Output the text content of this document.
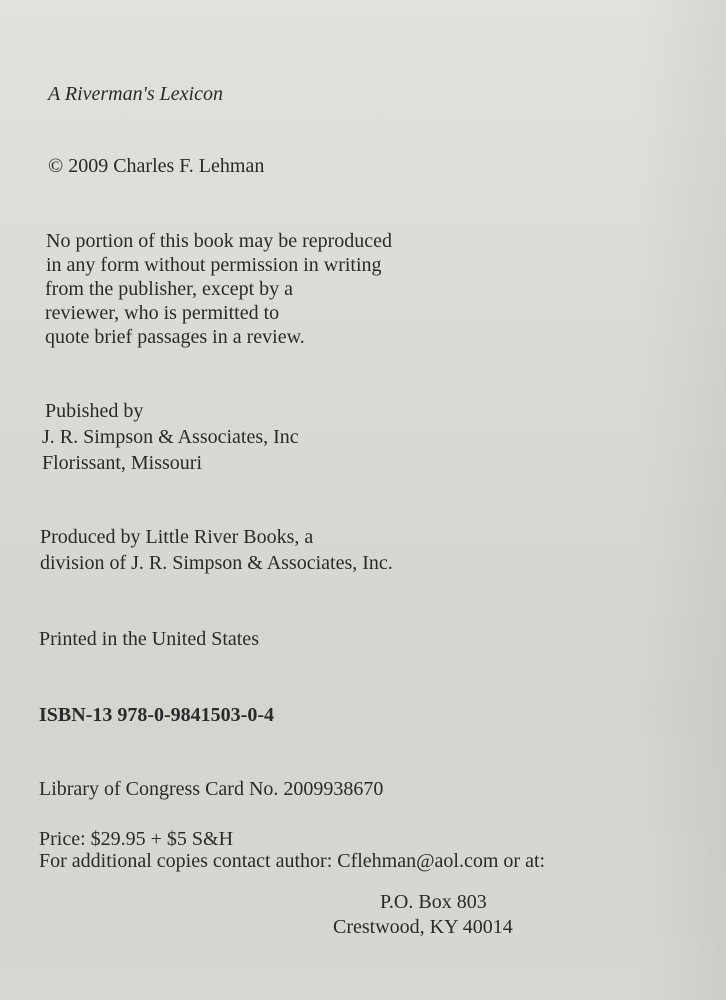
A Riverman's Lexicon
© 2009 Charles F. Lehman
No portion of this book may be reproduced
in any form without permission in writing
from the publisher, except by a
reviewer, who is permitted to
quote brief passages in a review.
Pubished by
J. R. Simpson & Associates, Inc
Florissant, Missouri
Produced by Little River Books, a
division of J. R. Simpson & Associates, Inc.
Printed in the United States
ISBN-13 978-0-9841503-0-4
Library of Congress Card No. 2009938670
Price: $29.95 + $5 S&H
For additional copies contact author: Cflehman@aol.com or at:
P.O. Box 803
Crestwood, KY 40014
